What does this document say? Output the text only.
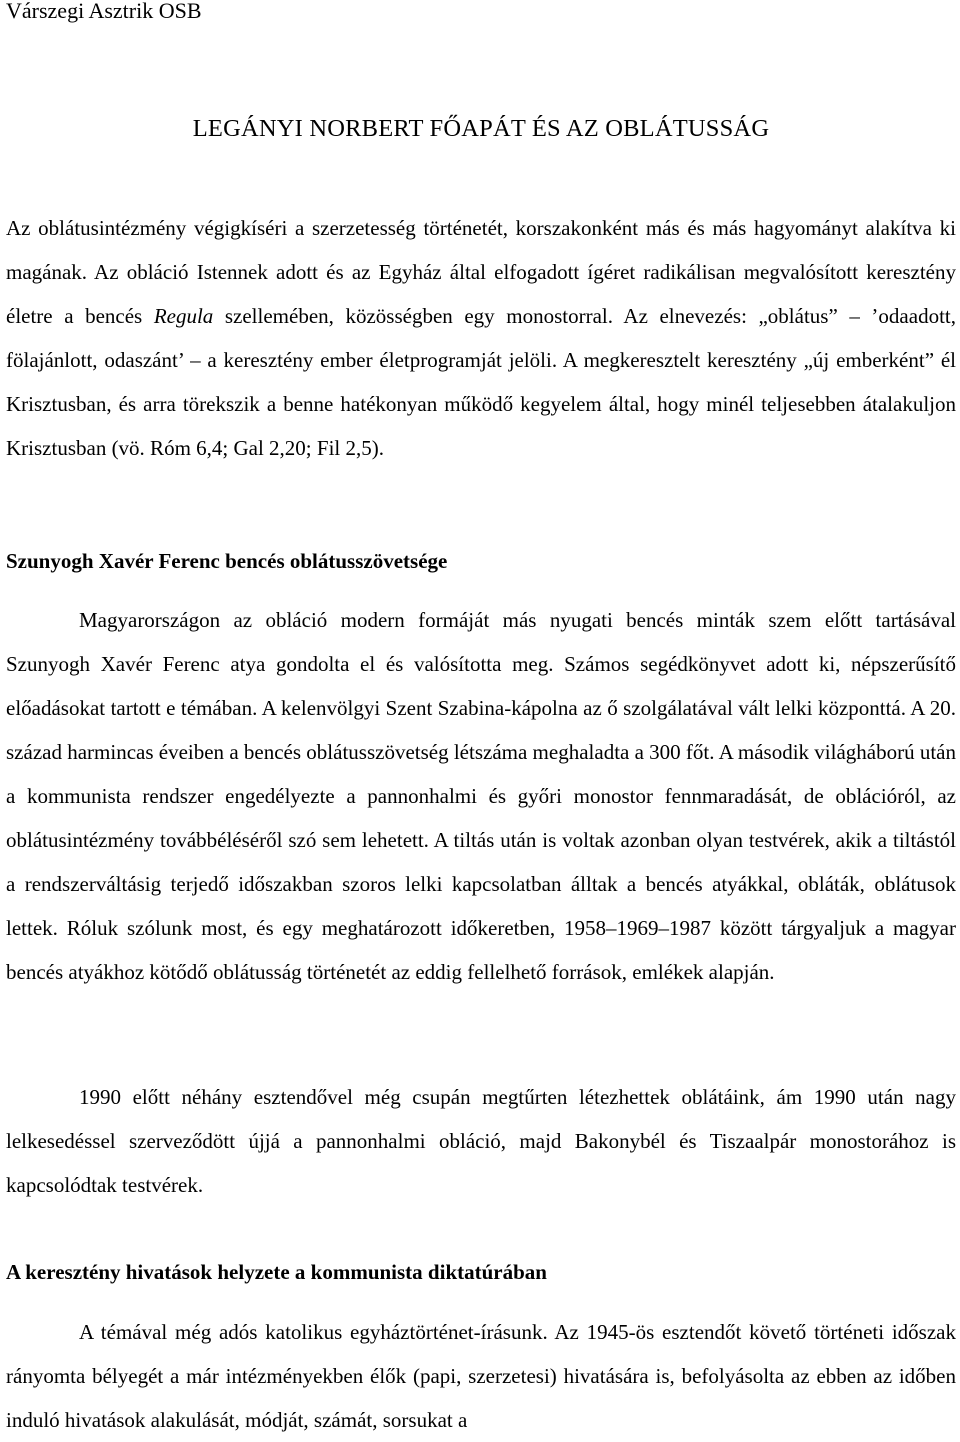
Várszegi Asztrik OSB
LEGÁNYI NORBERT FŐAPÁT ÉS AZ OBLÁTUSSÁG

Az oblátusintézmény végigkíséri a szerzetesség történetét, korszakonként más és más hagyományt alakítva ki magának. Az obláció Istennek adott és az Egyház által elfogadott ígéret radikálisan megvalósított keresztény életre a bencés Regula szellemében, közösségben egy monostorral. Az elnevezés: „oblátus” – ’odaadott, fölajánlott, odaszánt’ – a keresztény ember életprogramját jelöli. A megkeresztelt keresztény „új emberként” él Krisztusban, és arra törekszik a benne hatékonyan működő kegyelem által, hogy minél teljesebben átalakuljon Krisztusban (vö. Róm 6,4; Gal 2,20; Fil 2,5).

Szunyogh Xavér Ferenc bencés oblátusszövetsége

Magyarországon az obláció modern formáját más nyugati bencés minták szem előtt tartásával Szunyogh Xavér Ferenc atya gondolta el és valósította meg. Számos segédkönyvet adott ki, népszerűsítő előadásokat tartott e témában. A kelenvölgyi Szent Szabina-kápolna az ő szolgálatával vált lelki központtá. A 20. század harmincas éveiben a bencés oblátusszövetség létszáma meghaladta a 300 főt. A második világháború után a kommunista rendszer engedélyezte a pannonhalmi és győri monostor fennmaradását, de oblációról, az oblátusintézmény továbbéléséről szó sem lehetett. A tiltás után is voltak azonban olyan testvérek, akik a tiltástól a rendszerváltásig terjedő időszakban szoros lelki kapcsolatban álltak a bencés atyákkal, obláták, oblátusok lettek. Róluk szólunk most, és egy meghatározott időkeretben, 1958–1969–1987 között tárgyaljuk a magyar bencés atyákhoz kötődő oblátusság történetét az eddig fellelhető források, emlékek alapján.

1990 előtt néhány esztendővel még csupán megtűrten létezhettek oblátáink, ám 1990 után nagy lelkesedéssel szerveződött újjá a pannonhalmi obláció, majd Bakonybél és Tiszaalpár monostorához is kapcsolódtak testvérek.

A keresztény hivatások helyzete a kommunista diktatúrában

A témával még adós katolikus egyháztörténet-írásunk. Az 1945-ös esztendőt követő történeti időszak rányomta bélyegét a már intézményekben élők (papi, szerzetesi) hivatására is, befolyásolta az ebben az időben induló hivatások alakulását, módját, számát, sorsukat a
